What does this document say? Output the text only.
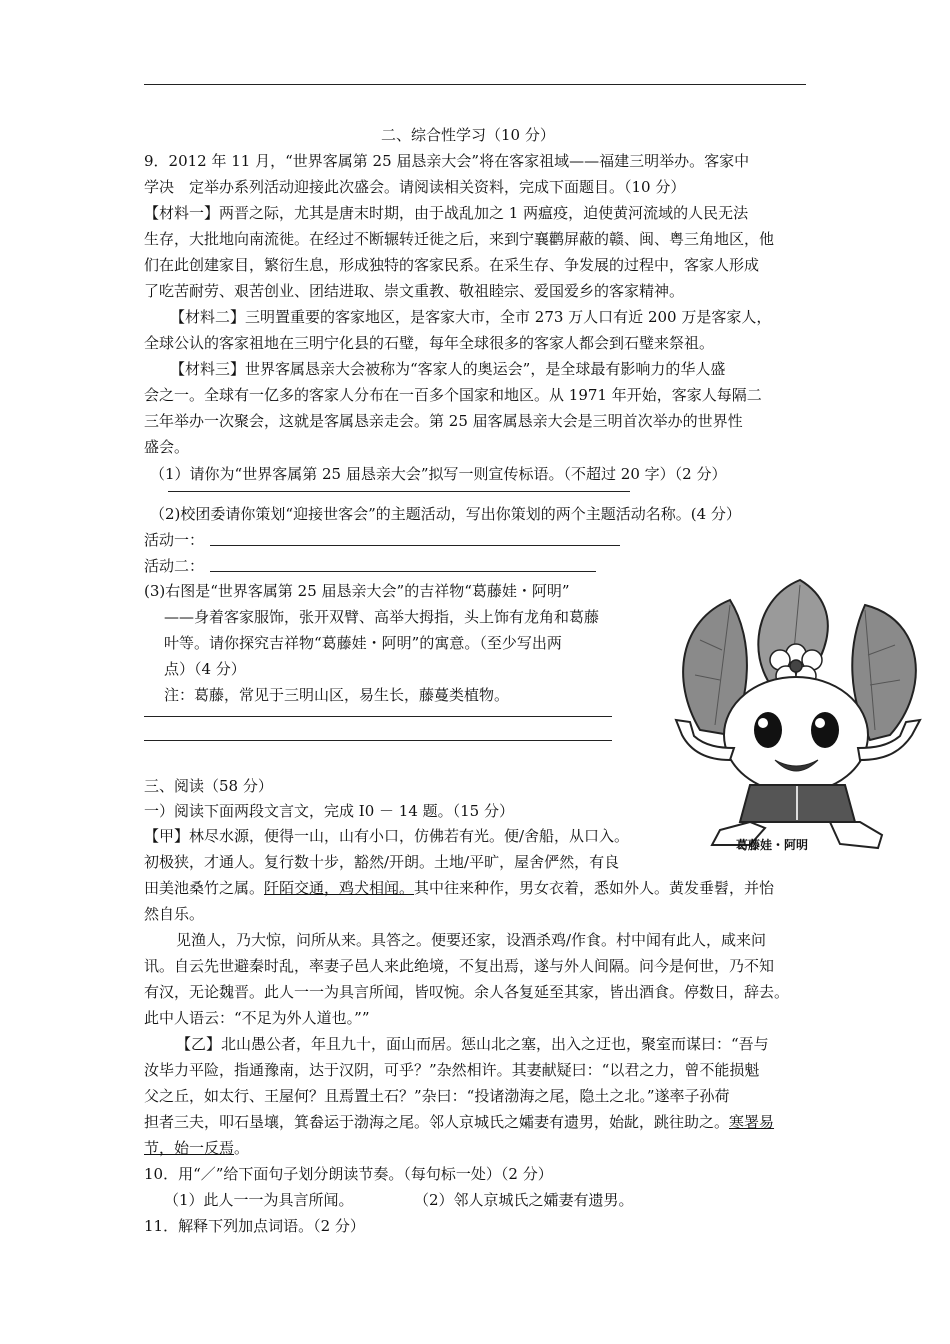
二、综合性学习（10 分）
9．2012 年 11 月，“世界客属第 25 届恳亲大会”将在客家祖域——福建三明举办。客家中
学决　定举办系列活动迎接此次盛会。请阅读相关资料，完成下面题目。（10 分）
【材料一】两晋之际，尤其是唐末时期，由于战乱加之 1 两瘟疫，迫使黄河流域的人民无法
生存，大批地向南流徙。在经过不断辗转迁徙之后，来到宁襄鹳屏蔽的赣、闽、粤三角地区，他
们在此创建家目，繁衍生息，形成独特的客家民系。在采生存、争发展的过程中，客家人形成
了吃苦耐劳、艰苦创业、团结进取、崇文重教、敬祖睦宗、爱国爱乡的客家精神。
【材料二】三明置重要的客家地区，是客家大市，全市 273 万人口有近 200 万是客家人，
全球公认的客家祖地在三明宁化县的石璧，每年全球很多的客家人都会到石璧来祭祖。
【材料三】世界客属恳亲大会被称为“客家人的奥运会”，是全球最有影响力的华人盛
会之一。全球有一亿多的客家人分布在一百多个国家和地区。从 1971 年开始，客家人每隔二
三年举办一次聚会，这就是客属恳亲走会。第 25 届客属恳亲大会是三明首次举办的世界性
盛会。
（1）请你为“世界客属第 25 届恳亲大会”拟写一则宣传标语。（不超过 20 字）（2 分）
（2)校团委请你策划“迎接世客会”的主题活动，写出你策划的两个主题活动名称。(4 分）
活动一：
活动二：
(3)右图是“世界客属第 25 届恳亲大会”的吉祥物“葛藤娃・阿明”
——身着客家服饰，张开双臂、高举大拇指，头上饰有龙角和葛藤
叶等。请你探究吉祥物“葛藤娃・阿明”的寓意。（至少写出两
点）（4 分）
注：葛藤，常见于三明山区，易生长，藤蔓类植物。
葛藤娃・阿明
三、阅读（58 分）
一）阅读下面两段文言文，完成 I0 － 14 题。（15 分）
【甲】林尽水源，便得一山，山有小口，仿佛若有光。便/舍船，从口入。
初极狭，才通人。复行数十步，豁然/开朗。土地/平旷，屋舍俨然，有良
田美池桑竹之属。阡陌交通，鸡犬相闻。其中往来种作，男女衣着，悉如外人。黄发垂髫，并怡
然自乐。
见渔人，乃大惊，问所从来。具答之。便要还家，设酒杀鸡/作食。村中闻有此人，咸来问
讯。自云先世避秦时乱，率妻子邑人来此绝境，不复出焉，遂与外人间隔。问今是何世，乃不知
有汉，无论魏晋。此人一一为具言所闻，皆叹惋。余人各复延至其家，皆出酒食。停数日，辞去。
此中人语云：“不足为外人道也。””
【乙】北山愚公者，年且九十，面山而居。惩山北之塞，出入之迂也，聚室而谋曰：“吾与
汝毕力平险，指通豫南，达于汉阴，可乎？”杂然相许。其妻献疑曰：“以君之力，曾不能损魁
父之丘，如太行、王屋何？且焉置土石？”杂曰：“投诸渤海之尾，隐土之北。”遂率子孙荷
担者三夫，叩石垦壤，箕畚运于渤海之尾。邻人京城氏之孀妻有遗男，始龀，跳往助之。寒署易
节，始一反焉。
10．用“／”给下面句子划分朗读节奏。（每句标一处）（2 分）
（1）此人一一为具言所闻。	（2）邻人京城氏之孀妻有遗男。
11．解释下列加点词语。（2 分）
